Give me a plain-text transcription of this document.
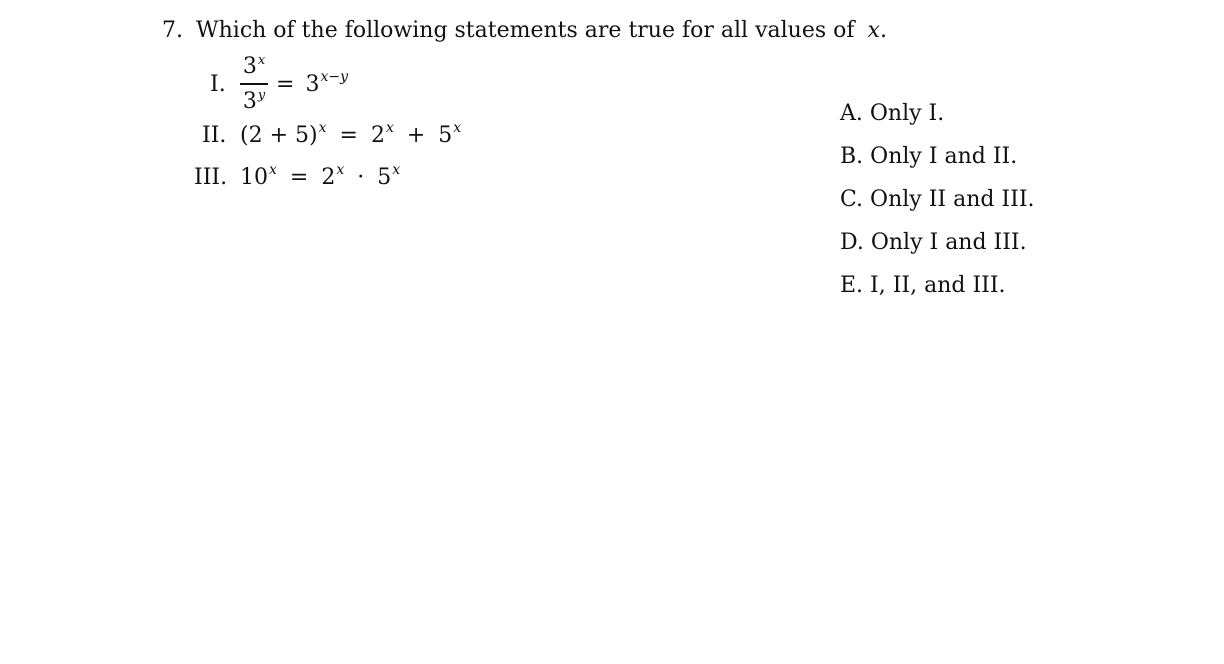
7. Which of the following statements are true for all values of x.
I.
3$^x$
$3^y = 3^{x-y}$
II. $(2 + 5)^x = 2^x + 5^x$
III. $10^x = 2^x \cdot 5^x$
A. Only I.
B. Only I and II.
C. Only II and III.
D. Only I and III.
E. I, II, and III.
